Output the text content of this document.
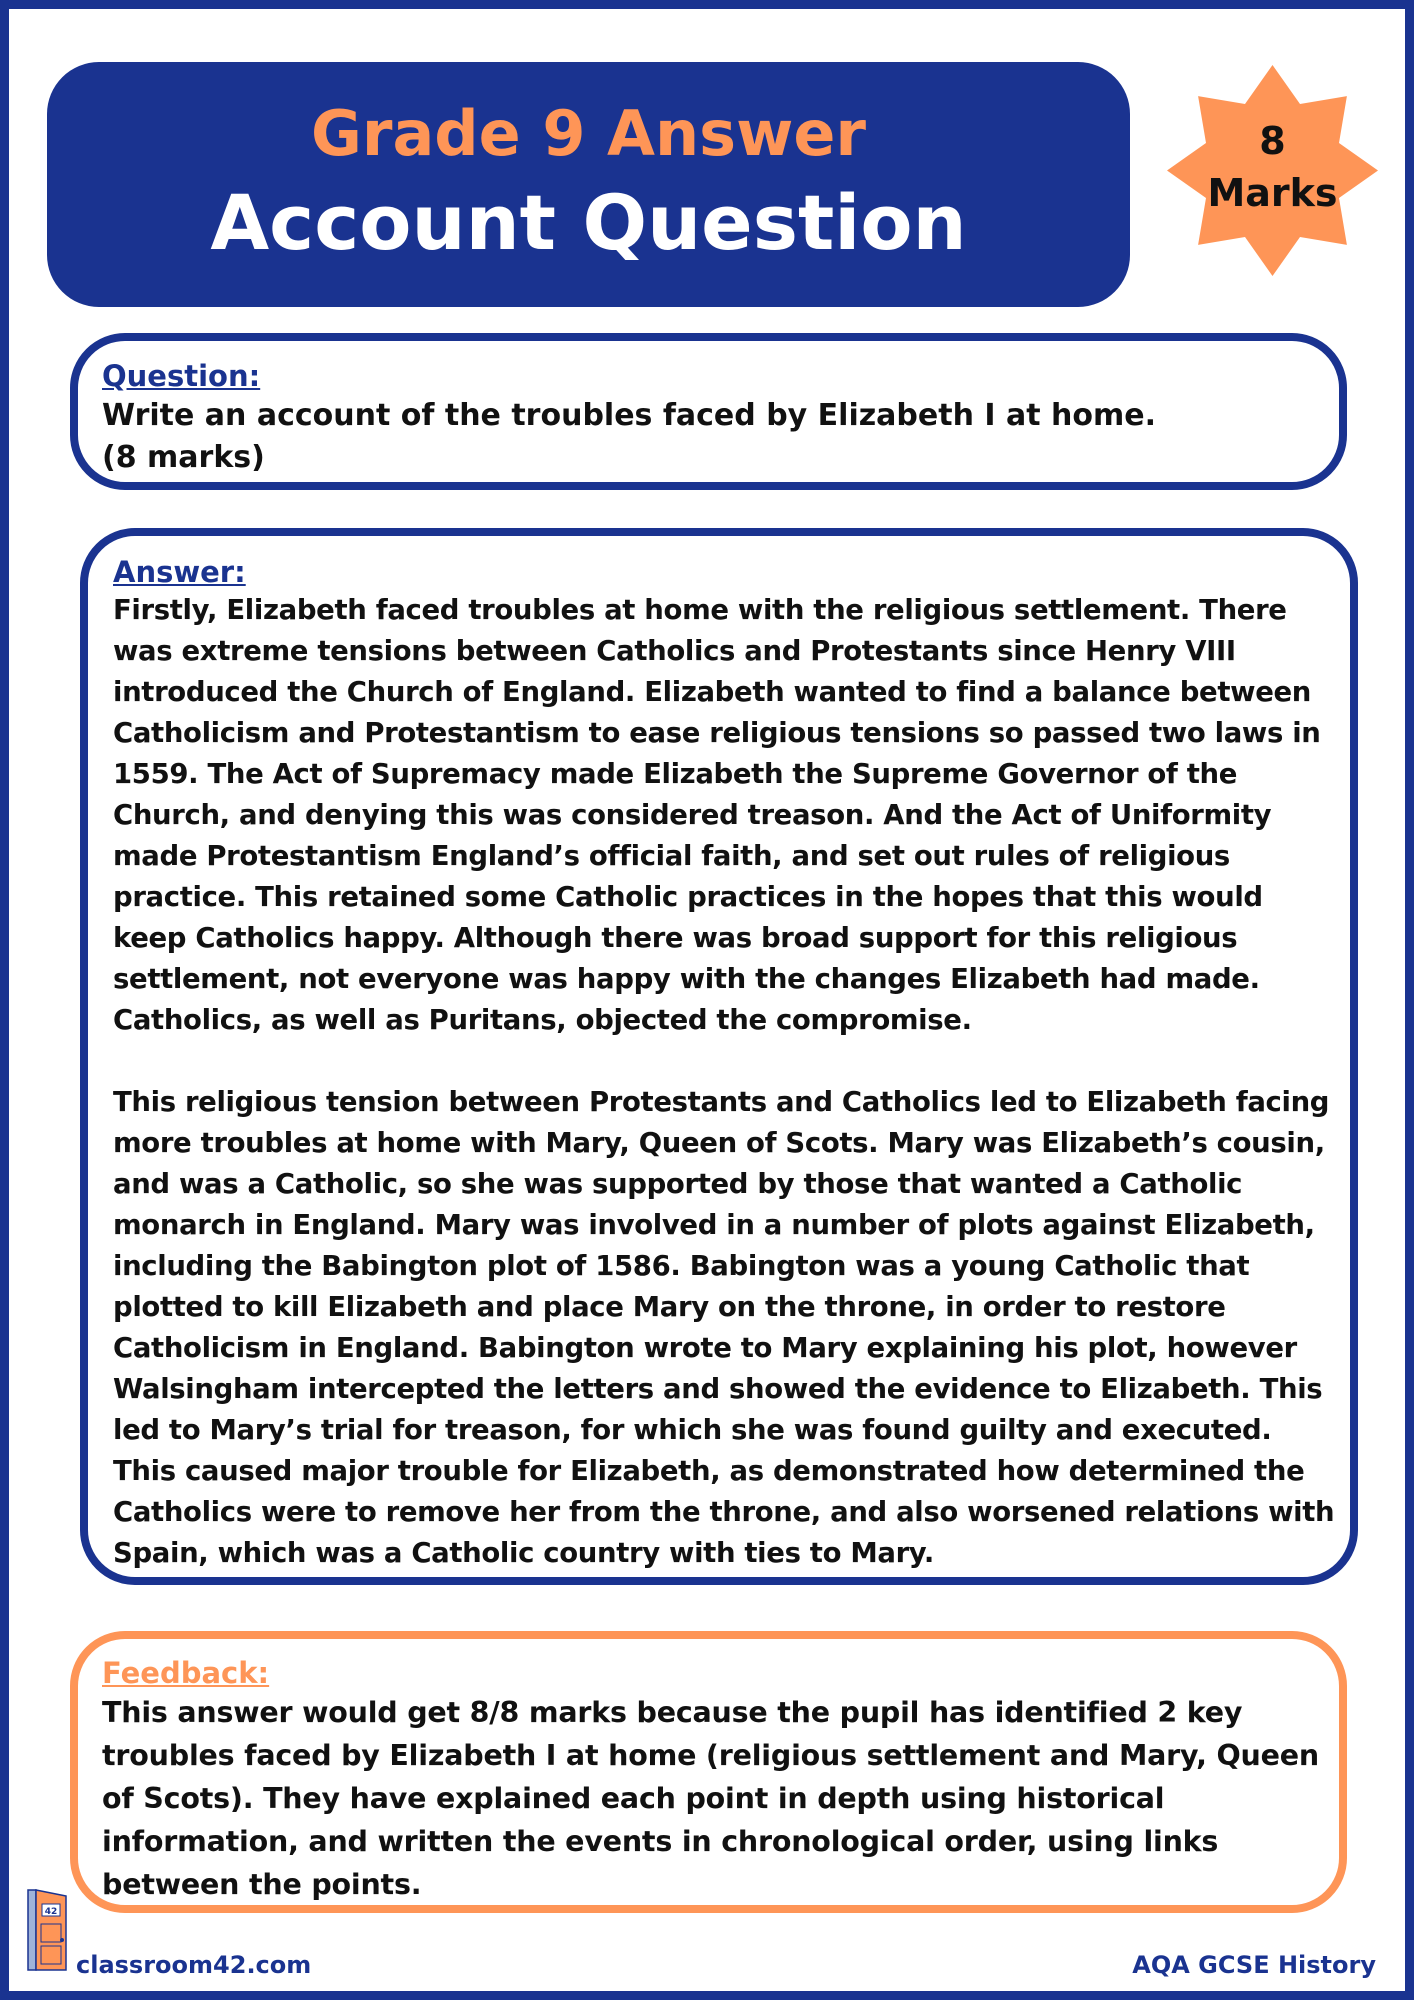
Grade 9 Answer
Account Question
8
Marks
Question:
Write an account of the troubles faced by Elizabeth I at home.
(8 marks)
Answer:

Firstly, Elizabeth faced troubles at home with the religious settlement. There was extreme tensions between Catholics and Protestants since Henry VIII introduced the Church of England. Elizabeth wanted to find a balance between Catholicism and Protestantism to ease religious tensions so passed two laws in 1559. The Act of Supremacy made Elizabeth the Supreme Governor of the Church, and denying this was considered treason. And the Act of Uniformity made Protestantism England’s official faith, and set out rules of religious practice. This retained some Catholic practices in the hopes that this would keep Catholics happy. Although there was broad support for this religious settlement, not everyone was happy with the changes Elizabeth had made. Catholics, as well as Puritans, objected the compromise.

This religious tension between Protestants and Catholics led to Elizabeth facing more troubles at home with Mary, Queen of Scots. Mary was Elizabeth’s cousin, and was a Catholic, so she was supported by those that wanted a Catholic monarch in England. Mary was involved in a number of plots against Elizabeth, including the Babington plot of 1586. Babington was a young Catholic that plotted to kill Elizabeth and place Mary on the throne, in order to restore Catholicism in England. Babington wrote to Mary explaining his plot, however Walsingham intercepted the letters and showed the evidence to Elizabeth. This led to Mary’s trial for treason, for which she was found guilty and executed. This caused major trouble for Elizabeth, as demonstrated how determined the Catholics were to remove her from the throne, and also worsened relations with Spain, which was a Catholic country with ties to Mary.

Feedback:
This answer would get 8/8 marks because the pupil has identified 2 key troubles faced by Elizabeth I at home (religious settlement and Mary, Queen of Scots). They have explained each point in depth using historical information, and written the events in chronological order, using links between the points.
42
classroom42.com	AQA GCSE History
